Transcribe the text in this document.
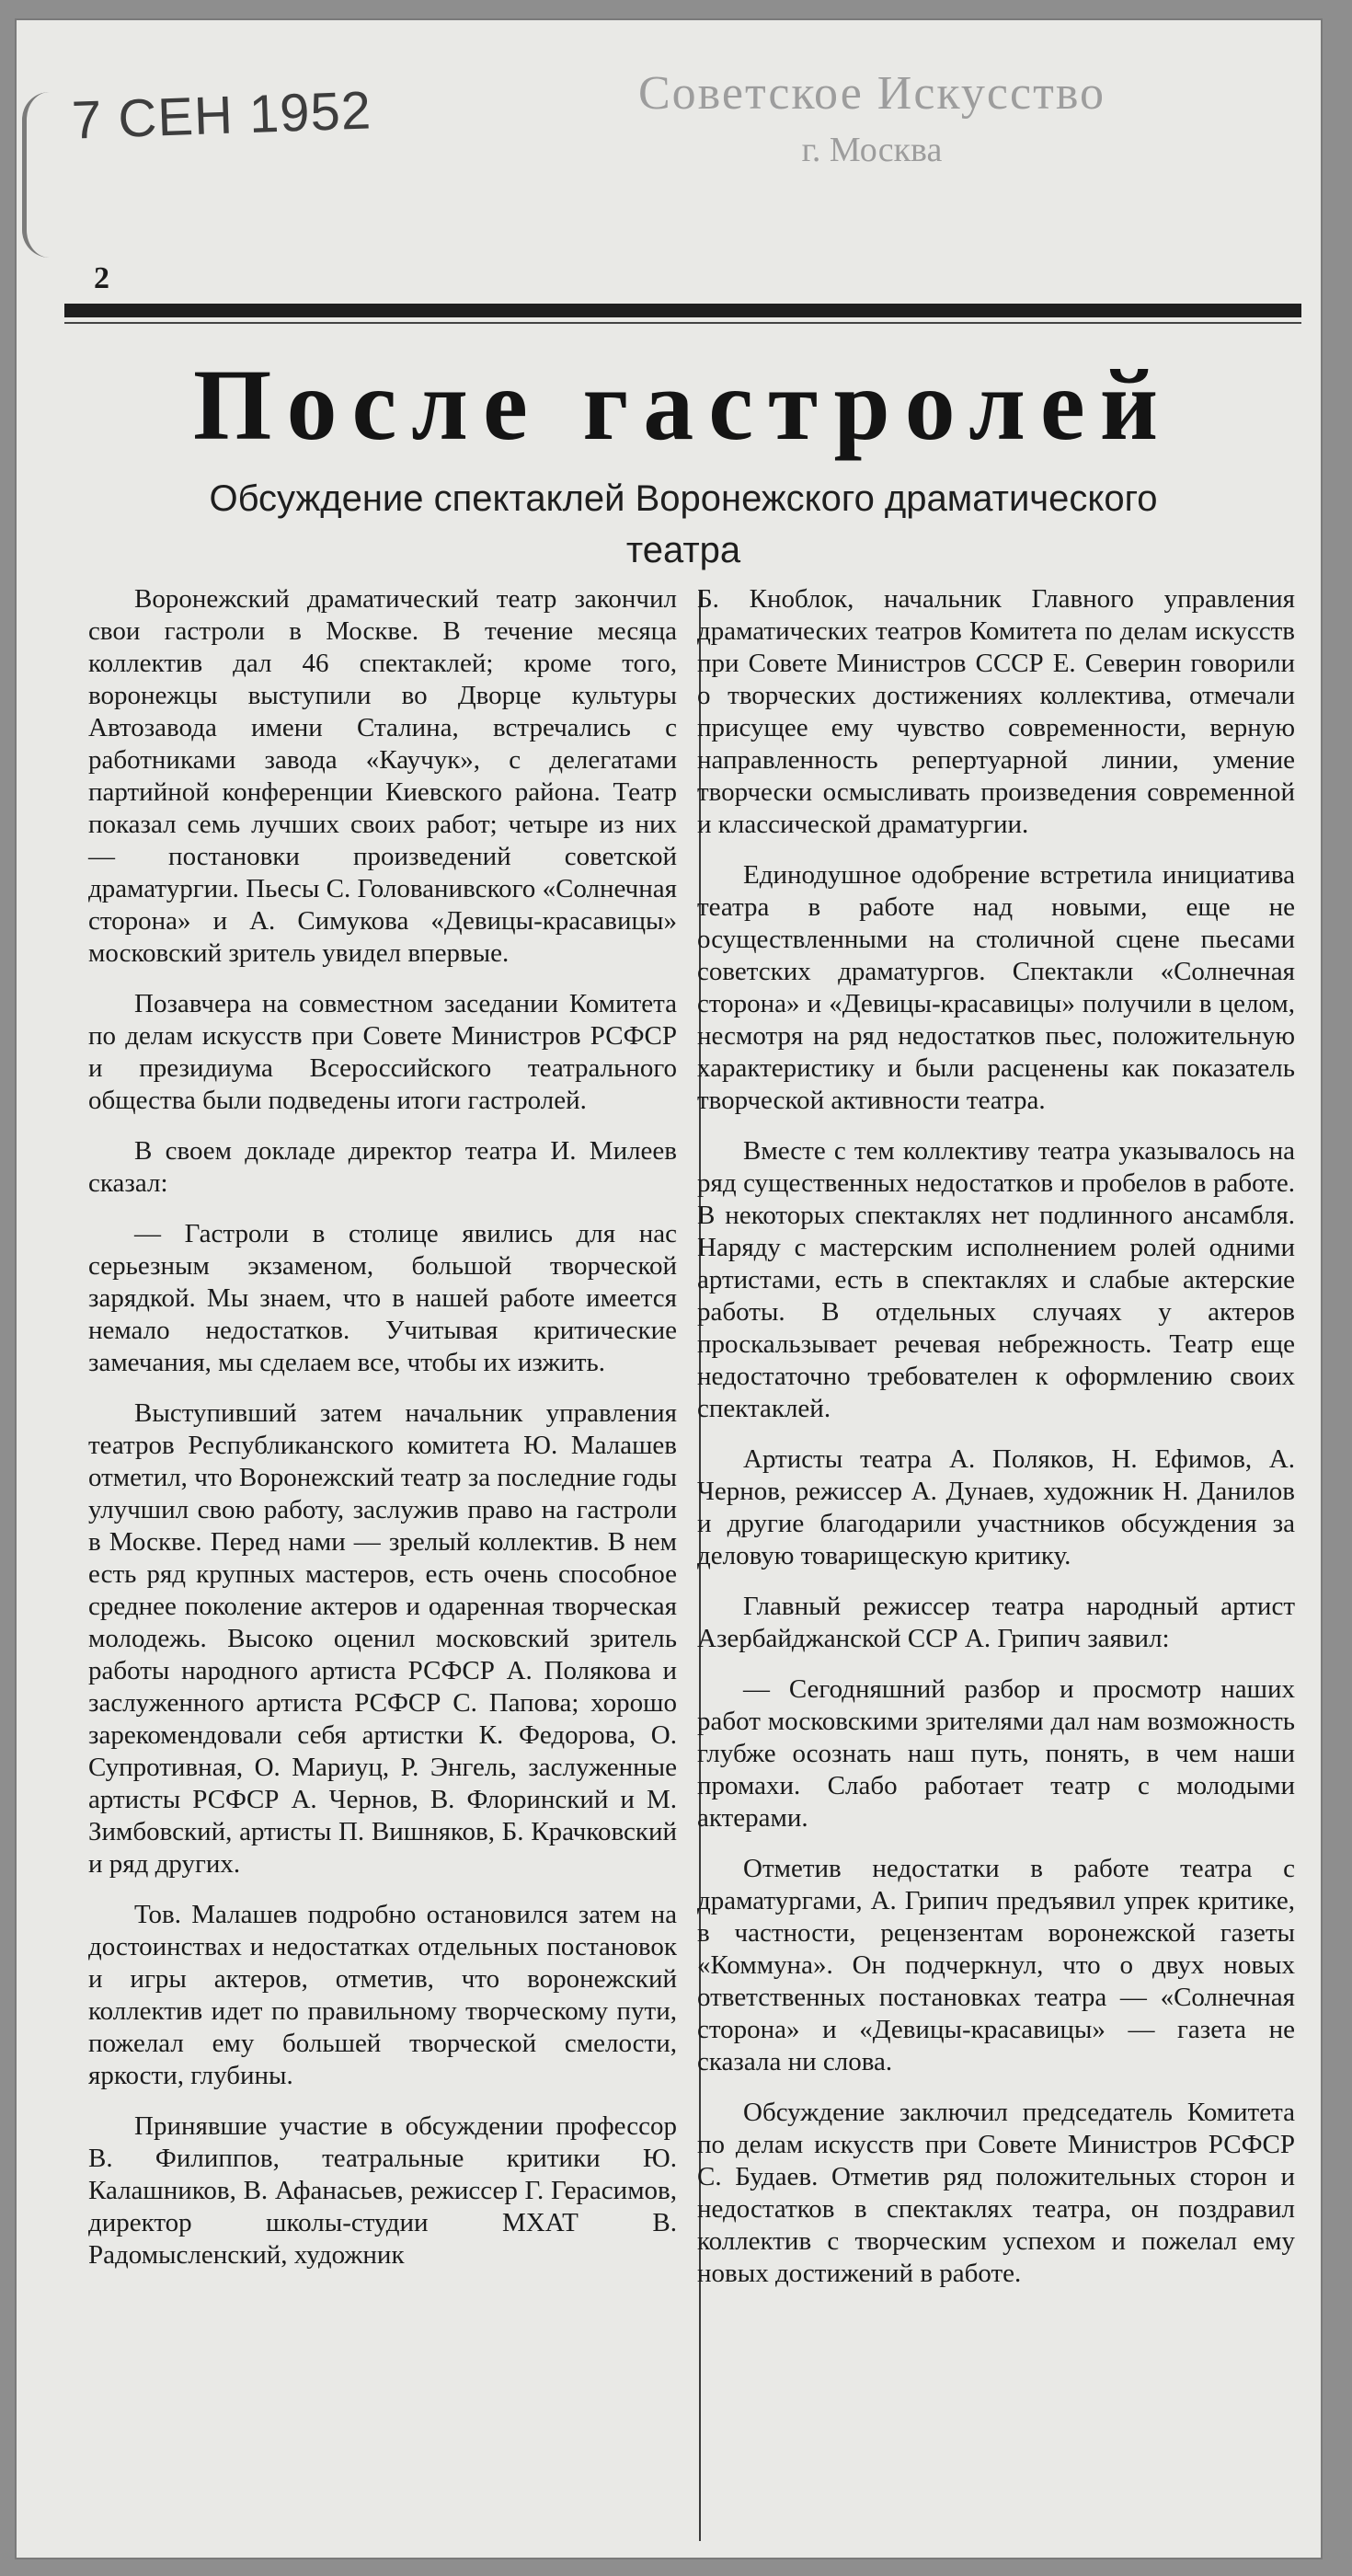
7 СЕН 1952	Советское Искусство
г. Москва
2
После гастролей
Обсуждение спектаклей Воронежского драматического театра

Воронежский драматический театр закончил свои гастроли в Москве. В течение месяца коллектив дал 46 спектаклей; кроме того, воронежцы выступили во Дворце культуры Автозавода имени Сталина, встречались с работниками завода «Каучук», с делегатами партийной конференции Киевского района. Театр показал семь лучших своих работ; четыре из них — постановки произведений советской драматургии. Пьесы С. Голованивского «Солнечная сторона» и А. Симукова «Девицы-красавицы» московский зритель увидел впервые.

Позавчера на совместном заседании Комитета по делам искусств при Совете Министров РСФСР и президиума Всероссийского театрального общества были подведены итоги гастролей.

В своем докладе директор театра И. Милеев сказал:

— Гастроли в столице явились для нас серьезным экзаменом, большой творческой зарядкой. Мы знаем, что в нашей работе имеется немало недостатков. Учитывая критические замечания, мы сделаем все, чтобы их изжить.

Выступивший затем начальник управления театров Республиканского комитета Ю. Малашев отметил, что Воронежский театр за последние годы улучшил свою работу, заслужив право на гастроли в Москве. Перед нами — зрелый коллектив. В нем есть ряд крупных мастеров, есть очень способное среднее поколение актеров и одаренная творческая молодежь. Высоко оценил московский зритель работы народного артиста РСФСР А. Полякова и заслуженного артиста РСФСР С. Папова; хорошо зарекомендовали себя артистки К. Федорова, О. Супротивная, О. Мариуц, Р. Энгель, заслуженные артисты РСФСР А. Чернов, В. Флоринский и М. Зимбовский, артисты П. Вишняков, Б. Крачковский и ряд других.

Тов. Малашев подробно остановился затем на достоинствах и недостатках отдельных постановок и игры актеров, отметив, что воронежский коллектив идет по правильному творческому пути, пожелал ему большей творческой смелости, яркости, глубины.

Принявшие участие в обсуждении профессор В. Филиппов, театральные критики Ю. Калашников, В. Афанасьев, режиссер Г. Герасимов, директор школы-студии МХАТ В. Радомысленский, художник

Б. Кноблок, начальник Главного управления драматических театров Комитета по делам искусств при Совете Министров СССР Е. Северин говорили о творческих достижениях коллектива, отмечали присущее ему чувство современности, верную направленность репертуарной линии, умение творчески осмысливать произведения современной и классической драматургии.

Единодушное одобрение встретила инициатива театра в работе над новыми, еще не осуществленными на столичной сцене пьесами советских драматургов. Спектакли «Солнечная сторона» и «Девицы-красавицы» получили в целом, несмотря на ряд недостатков пьес, положительную характеристику и были расценены как показатель творческой активности театра.

Вместе с тем коллективу театра указывалось на ряд существенных недостатков и пробелов в работе. В некоторых спектаклях нет подлинного ансамбля. Наряду с мастерским исполнением ролей одними артистами, есть в спектаклях и слабые актерские работы. В отдельных случаях у актеров проскальзывает речевая небрежность. Театр еще недостаточно требователен к оформлению своих спектаклей.

Артисты театра А. Поляков, Н. Ефимов, А. Чернов, режиссер А. Дунаев, художник Н. Данилов и другие благодарили участников обсуждения за деловую товарищескую критику.

Главный режиссер театра народный артист Азербайджанской ССР А. Грипич заявил:

— Сегодняшний разбор и просмотр наших работ московскими зрителями дал нам возможность глубже осознать наш путь, понять, в чем наши промахи. Слабо работает театр с молодыми актерами.

Отметив недостатки в работе театра с драматургами, А. Грипич предъявил упрек критике, в частности, рецензентам воронежской газеты «Коммуна». Он подчеркнул, что о двух новых ответственных постановках театра — «Солнечная сторона» и «Девицы-красавицы» — газета не сказала ни слова.

Обсуждение заключил председатель Комитета по делам искусств при Совете Министров РСФСР С. Будаев. Отметив ряд положительных сторон и недостатков в спектаклях театра, он поздравил коллектив с творческим успехом и пожелал ему новых достижений в работе.
